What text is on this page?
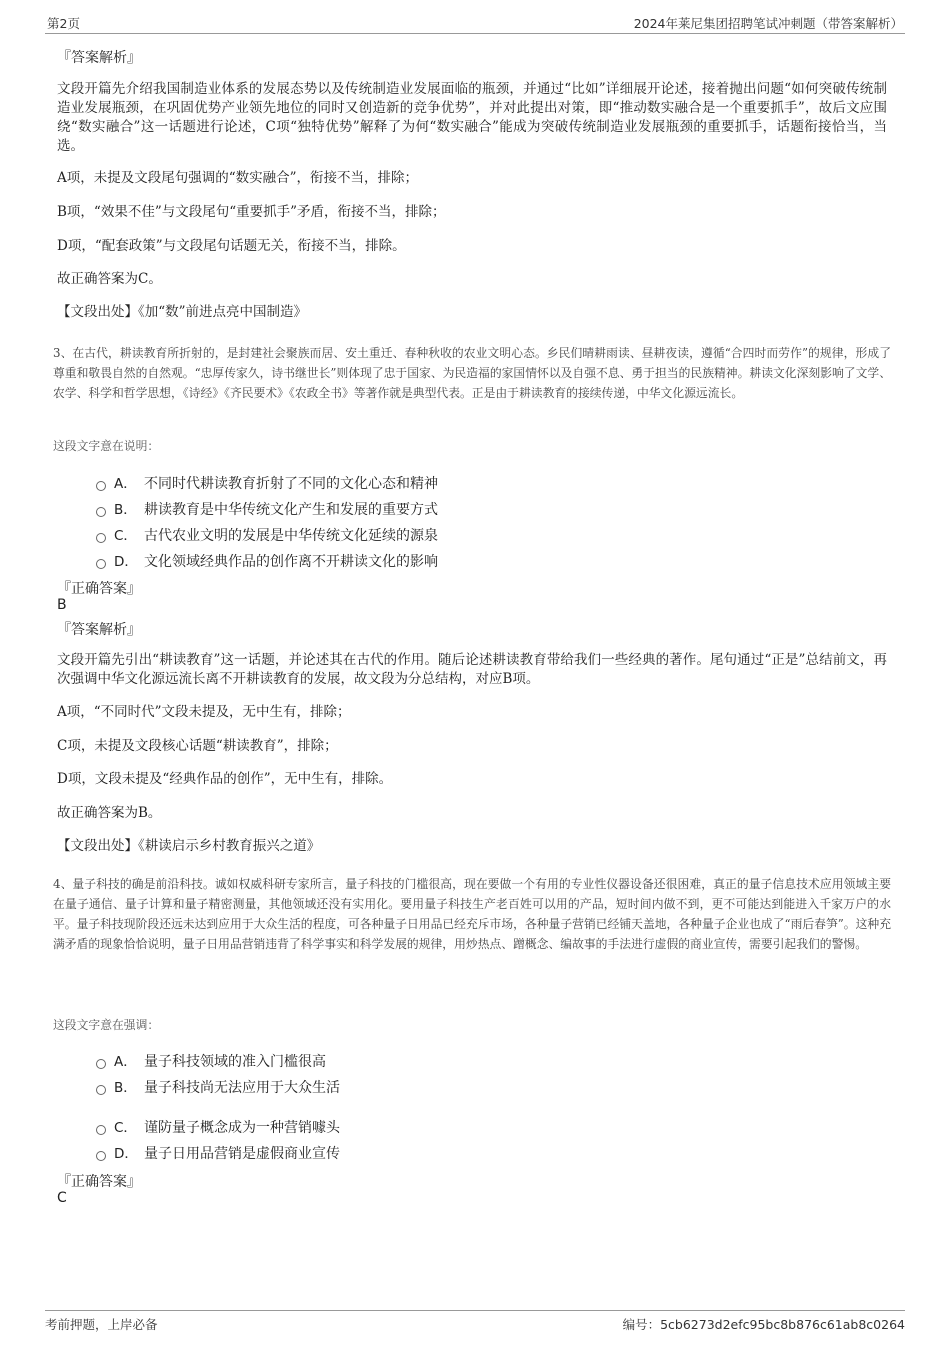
第2页	2024年莱尼集团招聘笔试冲刺题（带答案解析）
『答案解析』
文段开篇先介绍我国制造业体系的发展态势以及传统制造业发展面临的瓶颈，并通过“比如”详细展开论述，接着抛出问题“如何突破传统制造业发展瓶颈，在巩固优势产业领先地位的同时又创造新的竞争优势”，并对此提出对策，即“推动数实融合是一个重要抓手”，故后文应围绕“数实融合”这一话题进行论述，C项“独特优势”解释了为何“数实融合”能成为突破传统制造业发展瓶颈的重要抓手，话题衔接恰当，当选。
A项，未提及文段尾句强调的“数实融合”，衔接不当，排除；
B项，“效果不佳”与文段尾句“重要抓手”矛盾，衔接不当，排除；
D项，“配套政策”与文段尾句话题无关，衔接不当，排除。
故正确答案为C。
【文段出处】《加“数”前进点亮中国制造》
3、在古代，耕读教育所折射的，是封建社会聚族而居、安土重迁、春种秋收的农业文明心态。乡民们晴耕雨读、昼耕夜读，遵循“合四时而劳作”的规律，形成了尊重和敬畏自然的自然观。“忠厚传家久，诗书继世长”则体现了忠于国家、为民造福的家国情怀以及自强不息、勇于担当的民族精神。耕读文化深刻影响了文学、农学、科学和哲学思想，《诗经》《齐民要术》《农政全书》等著作就是典型代表。正是由于耕读教育的接续传递，中华文化源远流长。
这段文字意在说明：
A． 不同时代耕读教育折射了不同的文化心态和精神
B． 耕读教育是中华传统文化产生和发展的重要方式
C． 古代农业文明的发展是中华传统文化延续的源泉
D． 文化领域经典作品的创作离不开耕读文化的影响
『正确答案』
B
『答案解析』
文段开篇先引出“耕读教育”这一话题，并论述其在古代的作用。随后论述耕读教育带给我们一些经典的著作。尾句通过“正是”总结前文，再次强调中华文化源远流长离不开耕读教育的发展，故文段为分总结构，对应B项。
A项，“不同时代”文段未提及，无中生有，排除；
C项，未提及文段核心话题“耕读教育”，排除；
D项，文段未提及“经典作品的创作”，无中生有，排除。
故正确答案为B。
【文段出处】《耕读启示乡村教育振兴之道》
4、量子科技的确是前沿科技。诚如权威科研专家所言，量子科技的门槛很高，现在要做一个有用的专业性仪器设备还很困难，真正的量子信息技术应用领域主要在量子通信、量子计算和量子精密测量，其他领域还没有实用化。要用量子科技生产老百姓可以用的产品，短时间内做不到，更不可能达到能进入千家万户的水平。量子科技现阶段还远未达到应用于大众生活的程度，可各种量子日用品已经充斥市场，各种量子营销已经铺天盖地，各种量子企业也成了“雨后春笋”。这种充满矛盾的现象恰恰说明，量子日用品营销违背了科学事实和科学发展的规律，用炒热点、蹭概念、编故事的手法进行虚假的商业宣传，需要引起我们的警惕。
这段文字意在强调：
A． 量子科技领域的准入门槛很高
B． 量子科技尚无法应用于大众生活
C． 谨防量子概念成为一种营销噱头
D． 量子日用品营销是虚假商业宣传
『正确答案』
C
考前押题，上岸必备	编号：5cb6273d2efc95bc8b876c61ab8c0264
